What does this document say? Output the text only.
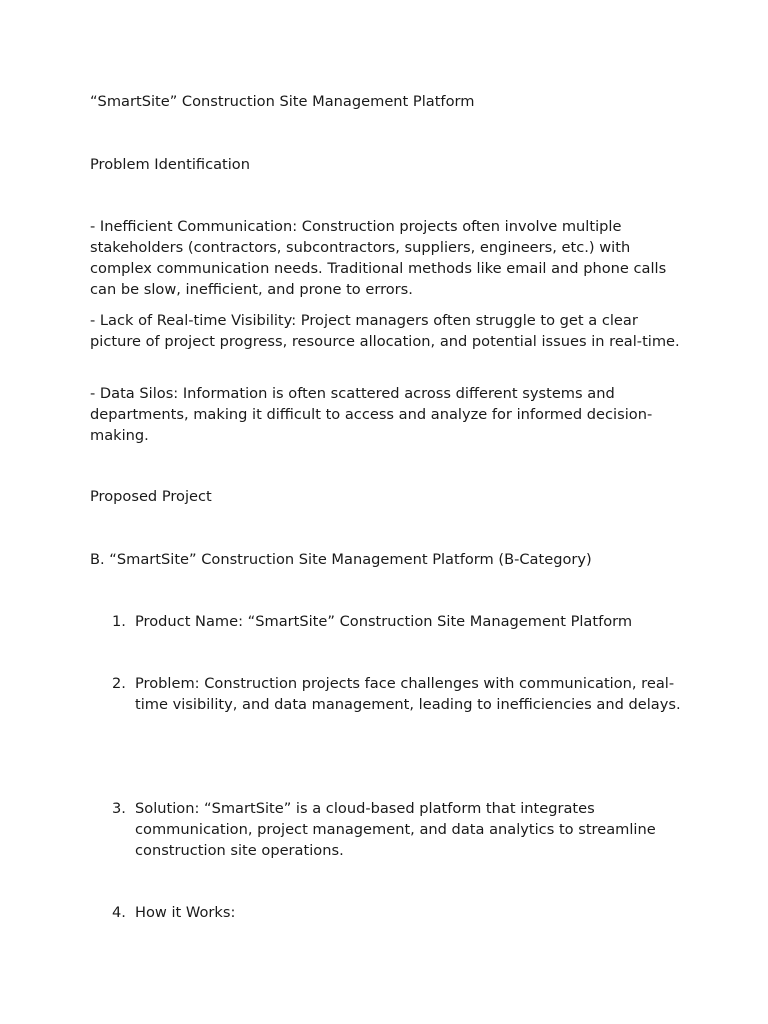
“SmartSite” Construction Site Management Platform
Problem Identification
- Inefficient Communication: Construction projects often involve multiple stakeholders (contractors, subcontractors, suppliers, engineers, etc.) with complex communication needs. Traditional methods like email and phone calls can be slow, inefficient, and prone to errors.
- Lack of Real-time Visibility: Project managers often struggle to get a clear picture of project progress, resource allocation, and potential issues in real-time.
- Data Silos: Information is often scattered across different systems and departments, making it difficult to access and analyze for informed decision-making.
Proposed Project
B. “SmartSite” Construction Site Management Platform (B-Category)
1. Product Name: “SmartSite” Construction Site Management Platform
2. Problem: Construction projects face challenges with communication, real-time visibility, and data management, leading to inefficiencies and delays.
3. Solution: “SmartSite” is a cloud-based platform that integrates communication, project management, and data analytics to streamline construction site operations.
4. How it Works:
